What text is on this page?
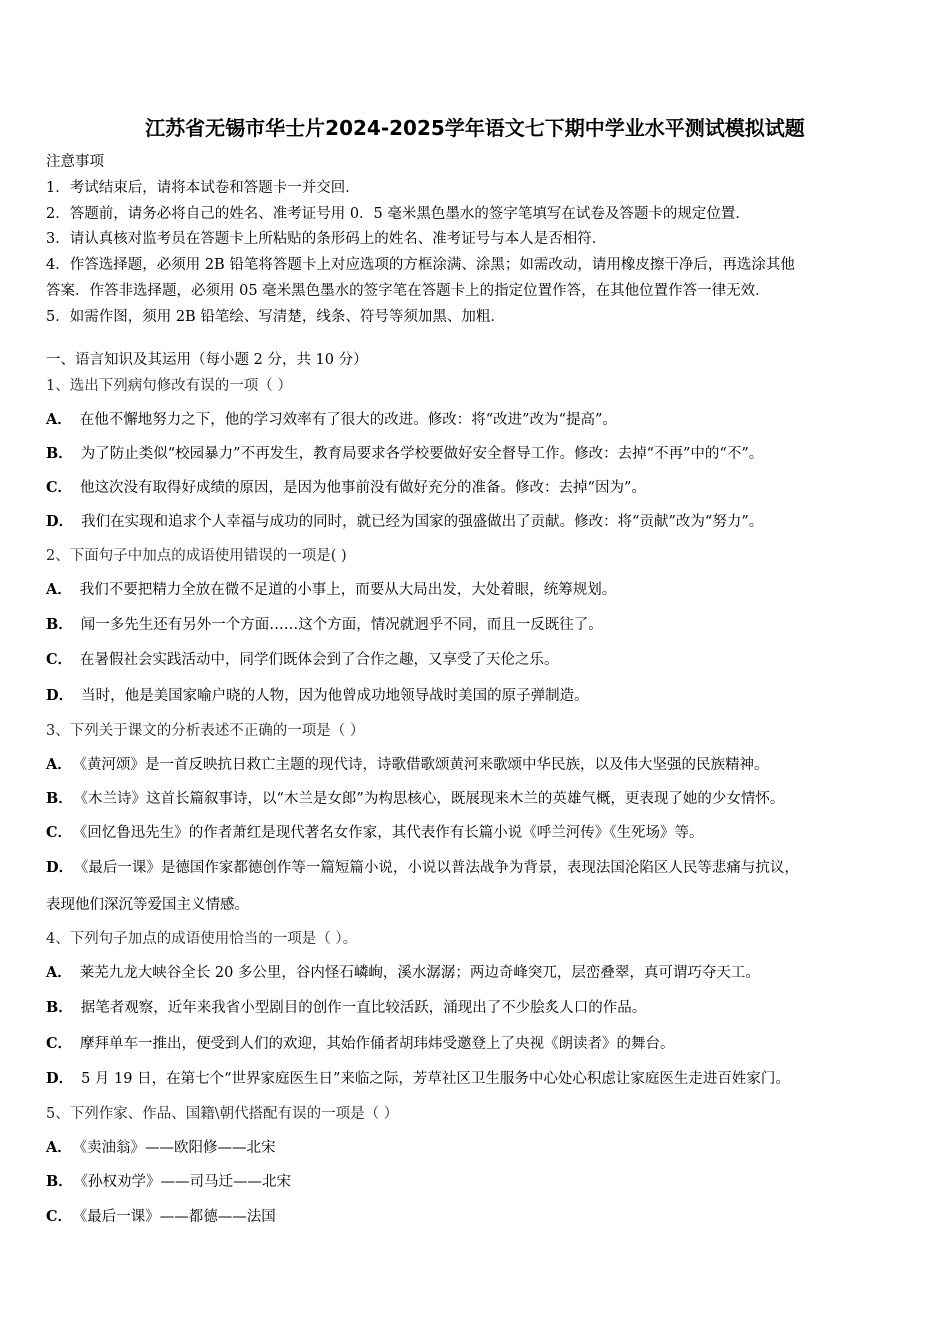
江苏省无锡市华士片2024-2025学年语文七下期中学业水平测试模拟试题
注意事项
1．考试结束后，请将本试卷和答题卡一并交回．
2．答题前，请务必将自己的姓名、准考证号用 0．5 毫米黑色墨水的签字笔填写在试卷及答题卡的规定位置．
3．请认真核对监考员在答题卡上所粘贴的条形码上的姓名、准考证号与本人是否相符．
4．作答选择题，必须用 2B 铅笔将答题卡上对应选项的方框涂满、涂黑；如需改动，请用橡皮擦干净后，再选涂其他
答案．作答非选择题，必须用 05 毫米黑色墨水的签字笔在答题卡上的指定位置作答，在其他位置作答一律无效．
5．如需作图，须用 2B 铅笔绘、写清楚，线条、符号等须加黑、加粗．
一、语言知识及其运用（每小题 2 分，共 10 分）
1、选出下列病句修改有误的一项（ ）
A． 在他不懈地努力之下，他的学习效率有了很大的改进。修改：将“改进”改为“提高”。
B． 为了防止类似“校园暴力”不再发生，教育局要求各学校要做好安全督导工作。修改：去掉“不再”中的“不”。
C． 他这次没有取得好成绩的原因，是因为他事前没有做好充分的准备。修改：去掉“因为”。
D． 我们在实现和追求个人幸福与成功的同时，就已经为国家的强盛做出了贡献。修改：将“贡献”改为“努力”。
2、下面句子中加点的成语使用错误的一项是( )
A． 我们不要把精力全放在微不足道的小事上，而要从大局出发，大处着眼，统筹规划。
B． 闻一多先生还有另外一个方面……这个方面，情况就迥乎不同，而且一反既往了。
C． 在暑假社会实践活动中，同学们既体会到了合作之趣，又享受了天伦之乐。
D． 当时，他是美国家喻户晓的人物，因为他曾成功地领导战时美国的原子弹制造。
3、下列关于课文的分析表述不正确的一项是（ ）
A． 《黄河颂》是一首反映抗日救亡主题的现代诗，诗歌借歌颂黄河来歌颂中华民族，以及伟大坚强的民族精神。
B． 《木兰诗》这首长篇叙事诗，以“木兰是女郎”为构思核心，既展现来木兰的英雄气概，更表现了她的少女情怀。
C． 《回忆鲁迅先生》的作者萧红是现代著名女作家，其代表作有长篇小说《呼兰河传》《生死场》等。
D． 《最后一课》是德国作家都德创作等一篇短篇小说，小说以普法战争为背景，表现法国沦陷区人民等悲痛与抗议，
表现他们深沉等爱国主义情感。
4、下列句子加点的成语使用恰当的一项是（ ）。
A． 莱芜九龙大峡谷全长 20 多公里，谷内怪石嶙峋，溪水潺潺；两边奇峰突兀，层峦叠翠，真可谓巧夺天工。
B． 据笔者观察，近年来我省小型剧目的创作一直比较活跃，涌现出了不少脍炙人口的作品。
C． 摩拜单车一推出，便受到人们的欢迎，其始作俑者胡玮炜受邀登上了央视《朗读者》的舞台。
D． 5 月 19 日，在第七个“世界家庭医生日”来临之际，芳草社区卫生服务中心处心积虑让家庭医生走进百姓家门。
5、下列作家、作品、国籍\朝代搭配有误的一项是（ ）
A． 《卖油翁》——欧阳修——北宋
B． 《孙权劝学》——司马迁——北宋
C． 《最后一课》——都德——法国
